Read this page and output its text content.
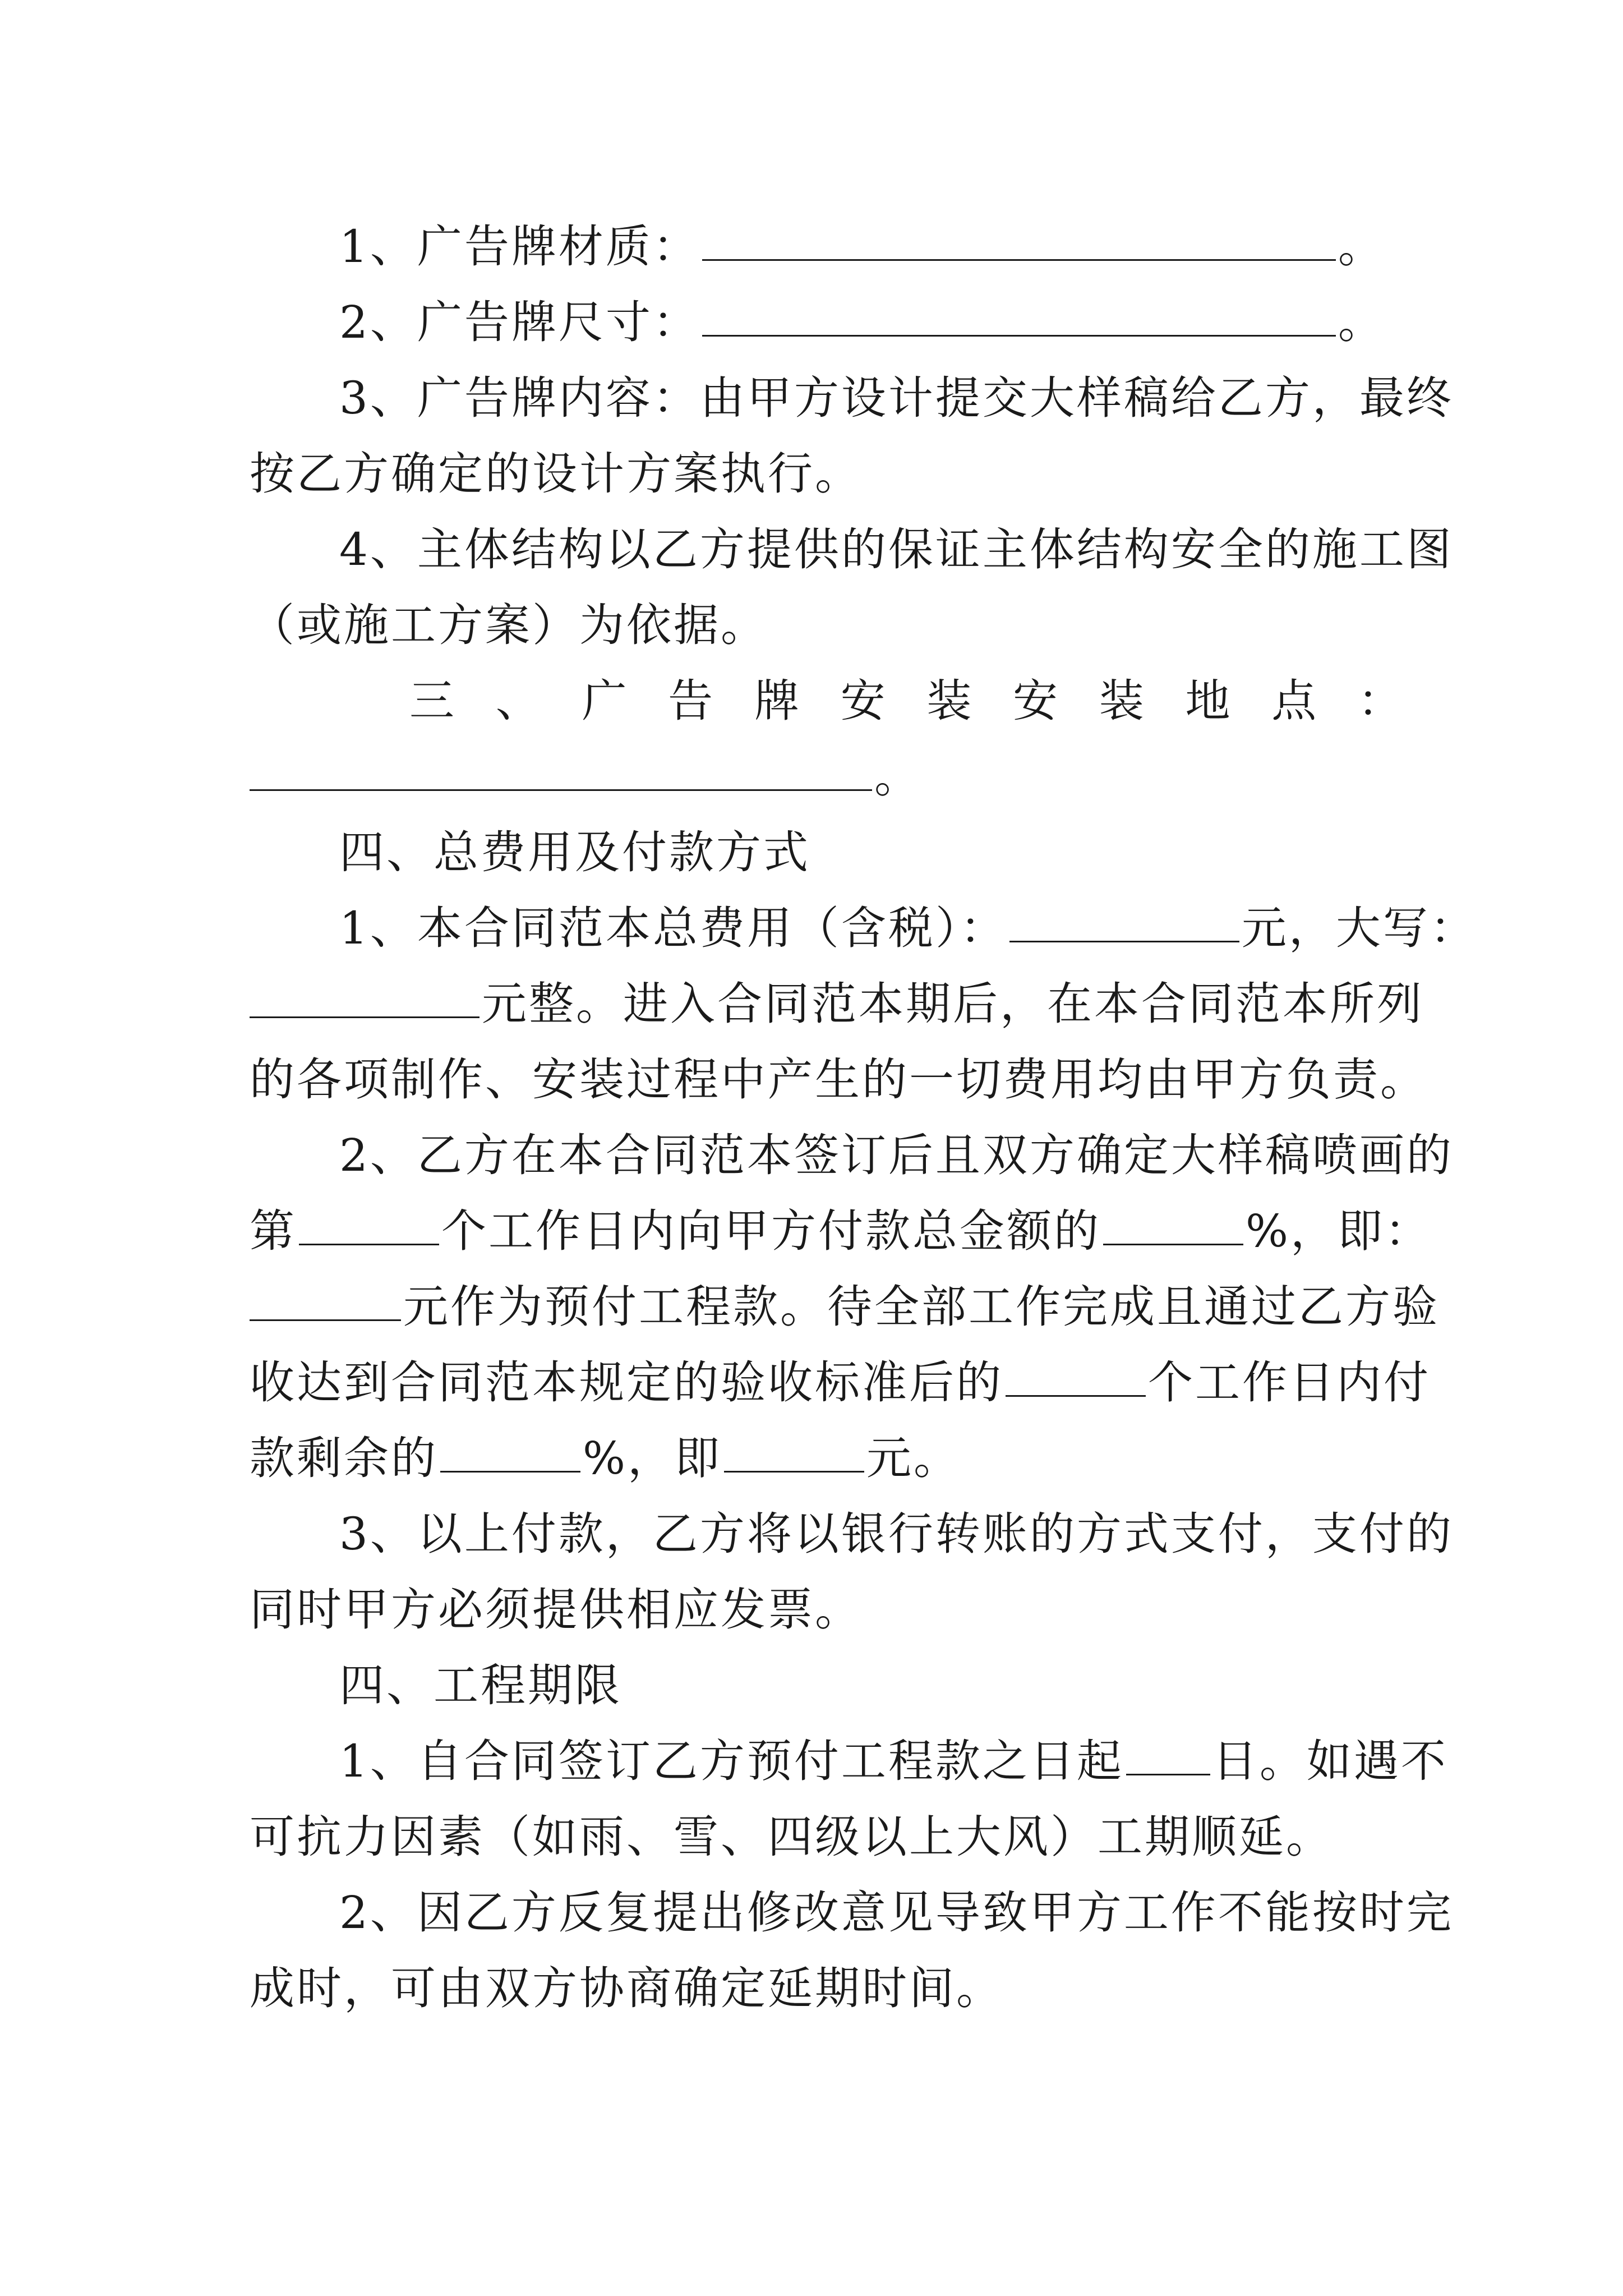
1、广告牌材质：	。
2、广告牌尺寸：	。
3、广告牌内容：由甲方设计提交大样稿给乙方，最终
按乙方确定的设计方案执行。
4、主体结构以乙方提供的保证主体结构安全的施工图
（或施工方案）为依据。
三 、 广 告 牌 安 装 安 装 地 点 ：
。
四、总费用及付款方式
1、本合同范本总费用（含税）：	元，大写：
元整。进入合同范本期后，在本合同范本所列
的各项制作、安装过程中产生的一切费用均由甲方负责。
2、乙方在本合同范本签订后且双方确定大样稿喷画的
第	个工作日内向甲方付款总金额的	%，即：
元作为预付工程款。待全部工作完成且通过乙方验
收达到合同范本规定的验收标准后的	个工作日内付
款剩余的	%，即	元。
3、以上付款，乙方将以银行转账的方式支付，支付的
同时甲方必须提供相应发票。
四、工程期限
1、自合同签订乙方预付工程款之日起 日。如遇不
可抗力因素（如雨、雪、四级以上大风）工期顺延。
2、因乙方反复提出修改意见导致甲方工作不能按时完
成时，可由双方协商确定延期时间。
